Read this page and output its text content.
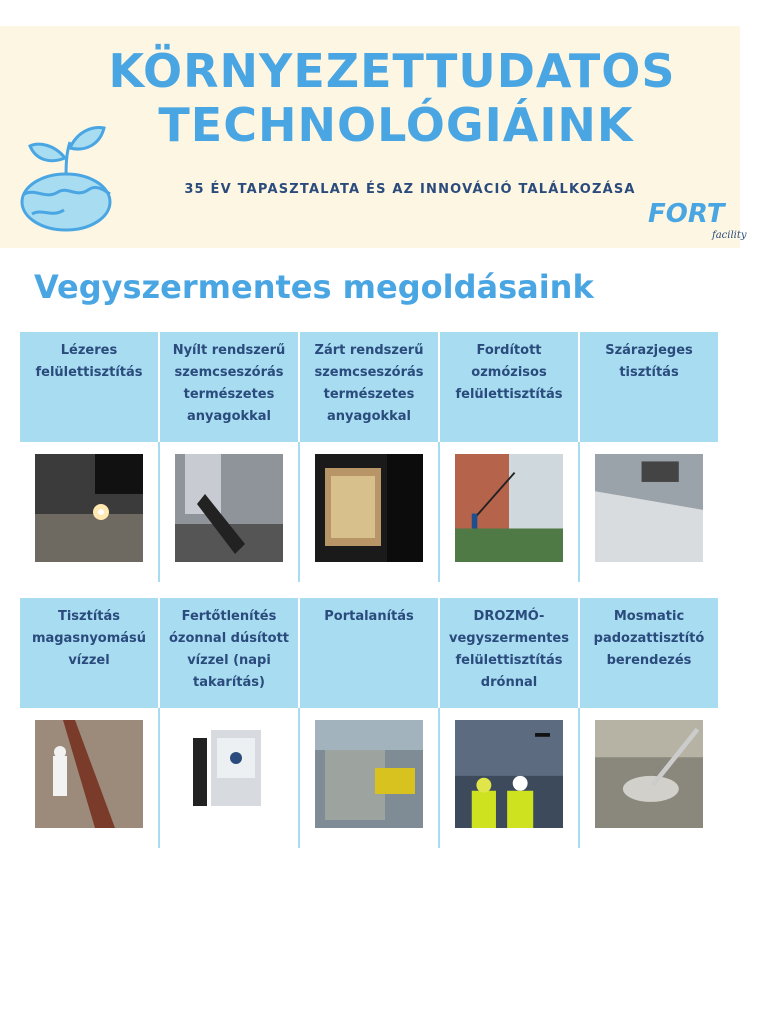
KÖRNYEZETTUDATOS
TECHNOLÓGIÁINK
35 ÉV TAPASZTALATA ÉS AZ INNOVÁCIÓ TALÁLKOZÁSA
FORT
facility
Vegyszermentes megoldásaink
Lézeres felülettisztítás
Nyílt rendszerű szemcseszórás természetes anyagokkal
Zárt rendszerű szemcseszórás természetes anyagokkal
Fordított ozmózisos felülettisztítás
Szárazjeges tisztítás
Tisztítás magasnyomású vízzel
Fertőtlenítés ózonnal dúsított vízzel (napi takarítás)
Portalanítás	DROZMÓ-vegyszermentes felülettisztítás drónnal
Mosmatic padozattisztító berendezés
